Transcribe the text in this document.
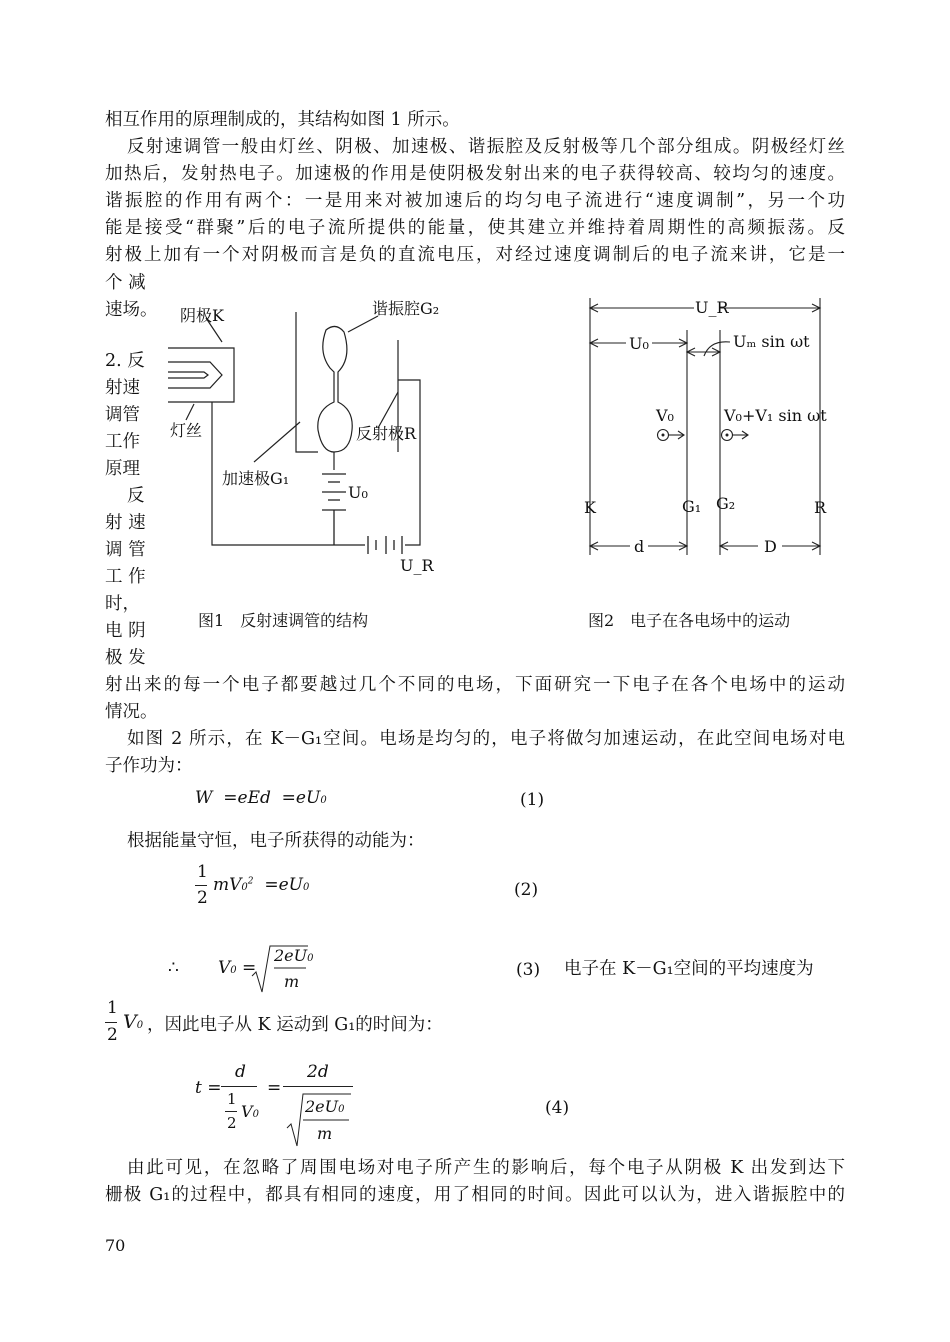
相互作用的原理制成的，其结构如图 1 所示。
反射速调管一般由灯丝、阴极、加速极、谐振腔及反射极等几个部分组成。阴极经灯丝
加热后，发射热电子。加速极的作用是使阴极发射出来的电子获得较高、较均匀的速度。
谐振腔的作用有两个：一是用来对被加速后的均匀电子流进行“速度调制”，另一个功
能是接受“群聚”后的电子流所提供的能量，使其建立并维持着周期性的高频振荡。反
射极上加有一个对阴极而言是负的直流电压，对经过速度调制后的电子流来讲，它是一
个 减
速场。
2. 反
射速
调管
工作
原理
反
射 速
调 管
工 作
时，
电 阴
极 发
阴极K	谐振腔G₂
灯丝	反射极R
加速极G₁
U₀
U_R
图1　反射速调管的结构
U_R
U₀	Uₘ sin ωt
V₀	V₀+V₁ sin ωt
K	G₁ G₂	R
d	D
图2　电子在各电场中的运动
射出来的每一个电子都要越过几个不同的电场，下面研究一下电子在各个电场中的运动
情况。
如图 2 所示，在 K－G₁空间。电场是均匀的，电子将做匀加速运动，在此空间电场对电
子作功为：
W  =eEd  =eU0	(1)
根据能量守恒，电子所获得的动能为：
1
2
$mV0^2 =eU0$	(2)
∴ V0 =
2eU0
m
(3) 电子在 K－G₁空间的平均速度为
1
2
V0 ，因此电子从 K 运动到 G₁的时间为：
t =
d
1
2
V0
=
2d
2eU0
m
(4)
由此可见，在忽略了周围电场对电子所产生的影响后，每个电子从阴极 K 出发到达下
栅极 G₁的过程中，都具有相同的速度，用了相同的时间。因此可以认为，进入谐振腔中的
70
